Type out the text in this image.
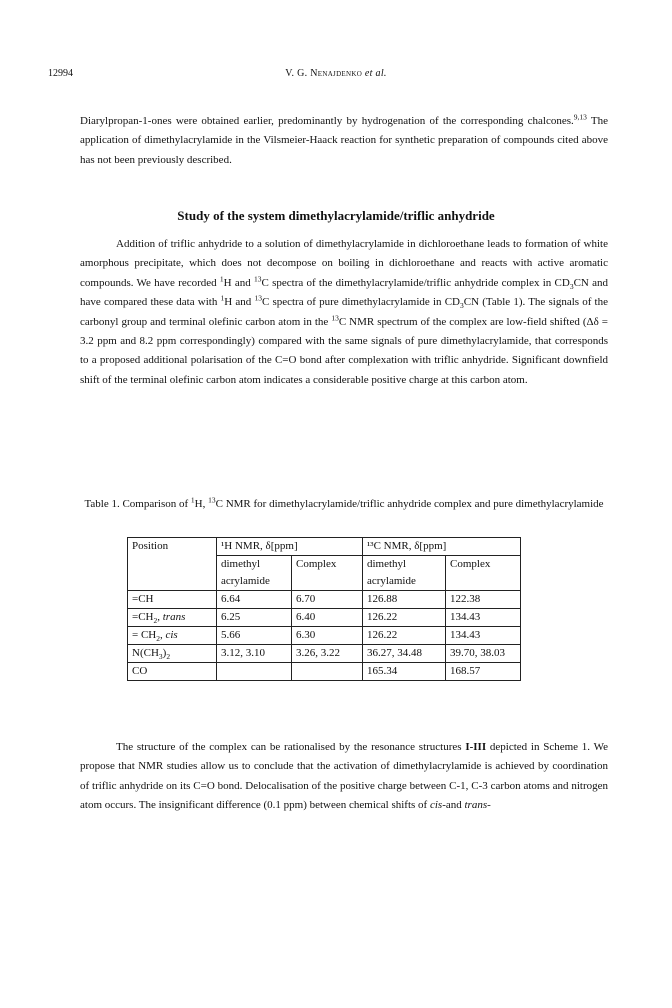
12994	V. G. Nenajdenko et al.
Diarylpropan-1-ones were obtained earlier, predominantly by hydrogenation of the corresponding chalcones.$^{9,13}$ The application of dimethylacrylamide in the Vilsmeier-Haack reaction for synthetic preparation of compounds cited above has not been previously described.
Study of the system dimethylacrylamide/triflic anhydride
Addition of triflic anhydride to a solution of dimethylacrylamide in dichloroethane leads to formation of white amorphous precipitate, which does not decompose on boiling in dichloroethane and reacts with active aromatic compounds. We have recorded $^1$H and $^{13}$C spectra of the dimethylacrylamide/triflic anhydride complex in $CD_3CN$ and have compared these data with $^1$H and $^{13}$C spectra of pure dimethylacrylamide in $CD_3CN$ (Table 1). The signals of the carbonyl group and terminal olefinic carbon atom in the $^{13}$C NMR spectrum of the complex are low-field shifted (Δδ = 3.2 ppm and 8.2 ppm correspondingly) compared with the same signals of pure dimethylacrylamide, that corresponds to a proposed additional polarisation of the C=O bond after complexation with triflic anhydride. Significant downfield shift of the terminal olefinic carbon atom indicates a considerable positive charge at this carbon atom.
Table 1. Comparison of $^1$H, $^{13}$C NMR for dimethylacrylamide/triflic anhydride complex and pure dimethylacrylamide
Position	¹H NMR, δ[ppm]		¹³C NMR, δ[ppm]	
	dimethyl	Complex	dimethyl	Complex
	acrylamide		acrylamide	
=CH	6.64	6.70	126.88	122.38
$=CH_2$, trans	6.25	6.40	126.22	134.43
= $CH_2$, cis	5.66	6.30	126.22	134.43
$N(CH_3)_2$	3.12, 3.10	3.26, 3.22	36.27, 34.48	39.70, 38.03
CO			165.34	168.57
The structure of the complex can be rationalised by the resonance structures I-III depicted in Scheme 1. We propose that NMR studies allow us to conclude that the activation of dimethylacrylamide is achieved by coordination of triflic anhydride on its C=O bond. Delocalisation of the positive charge between C-1, C-3 carbon atoms and nitrogen atom occurs. The insignificant difference (0.1 ppm) between chemical shifts of cis-and trans-
